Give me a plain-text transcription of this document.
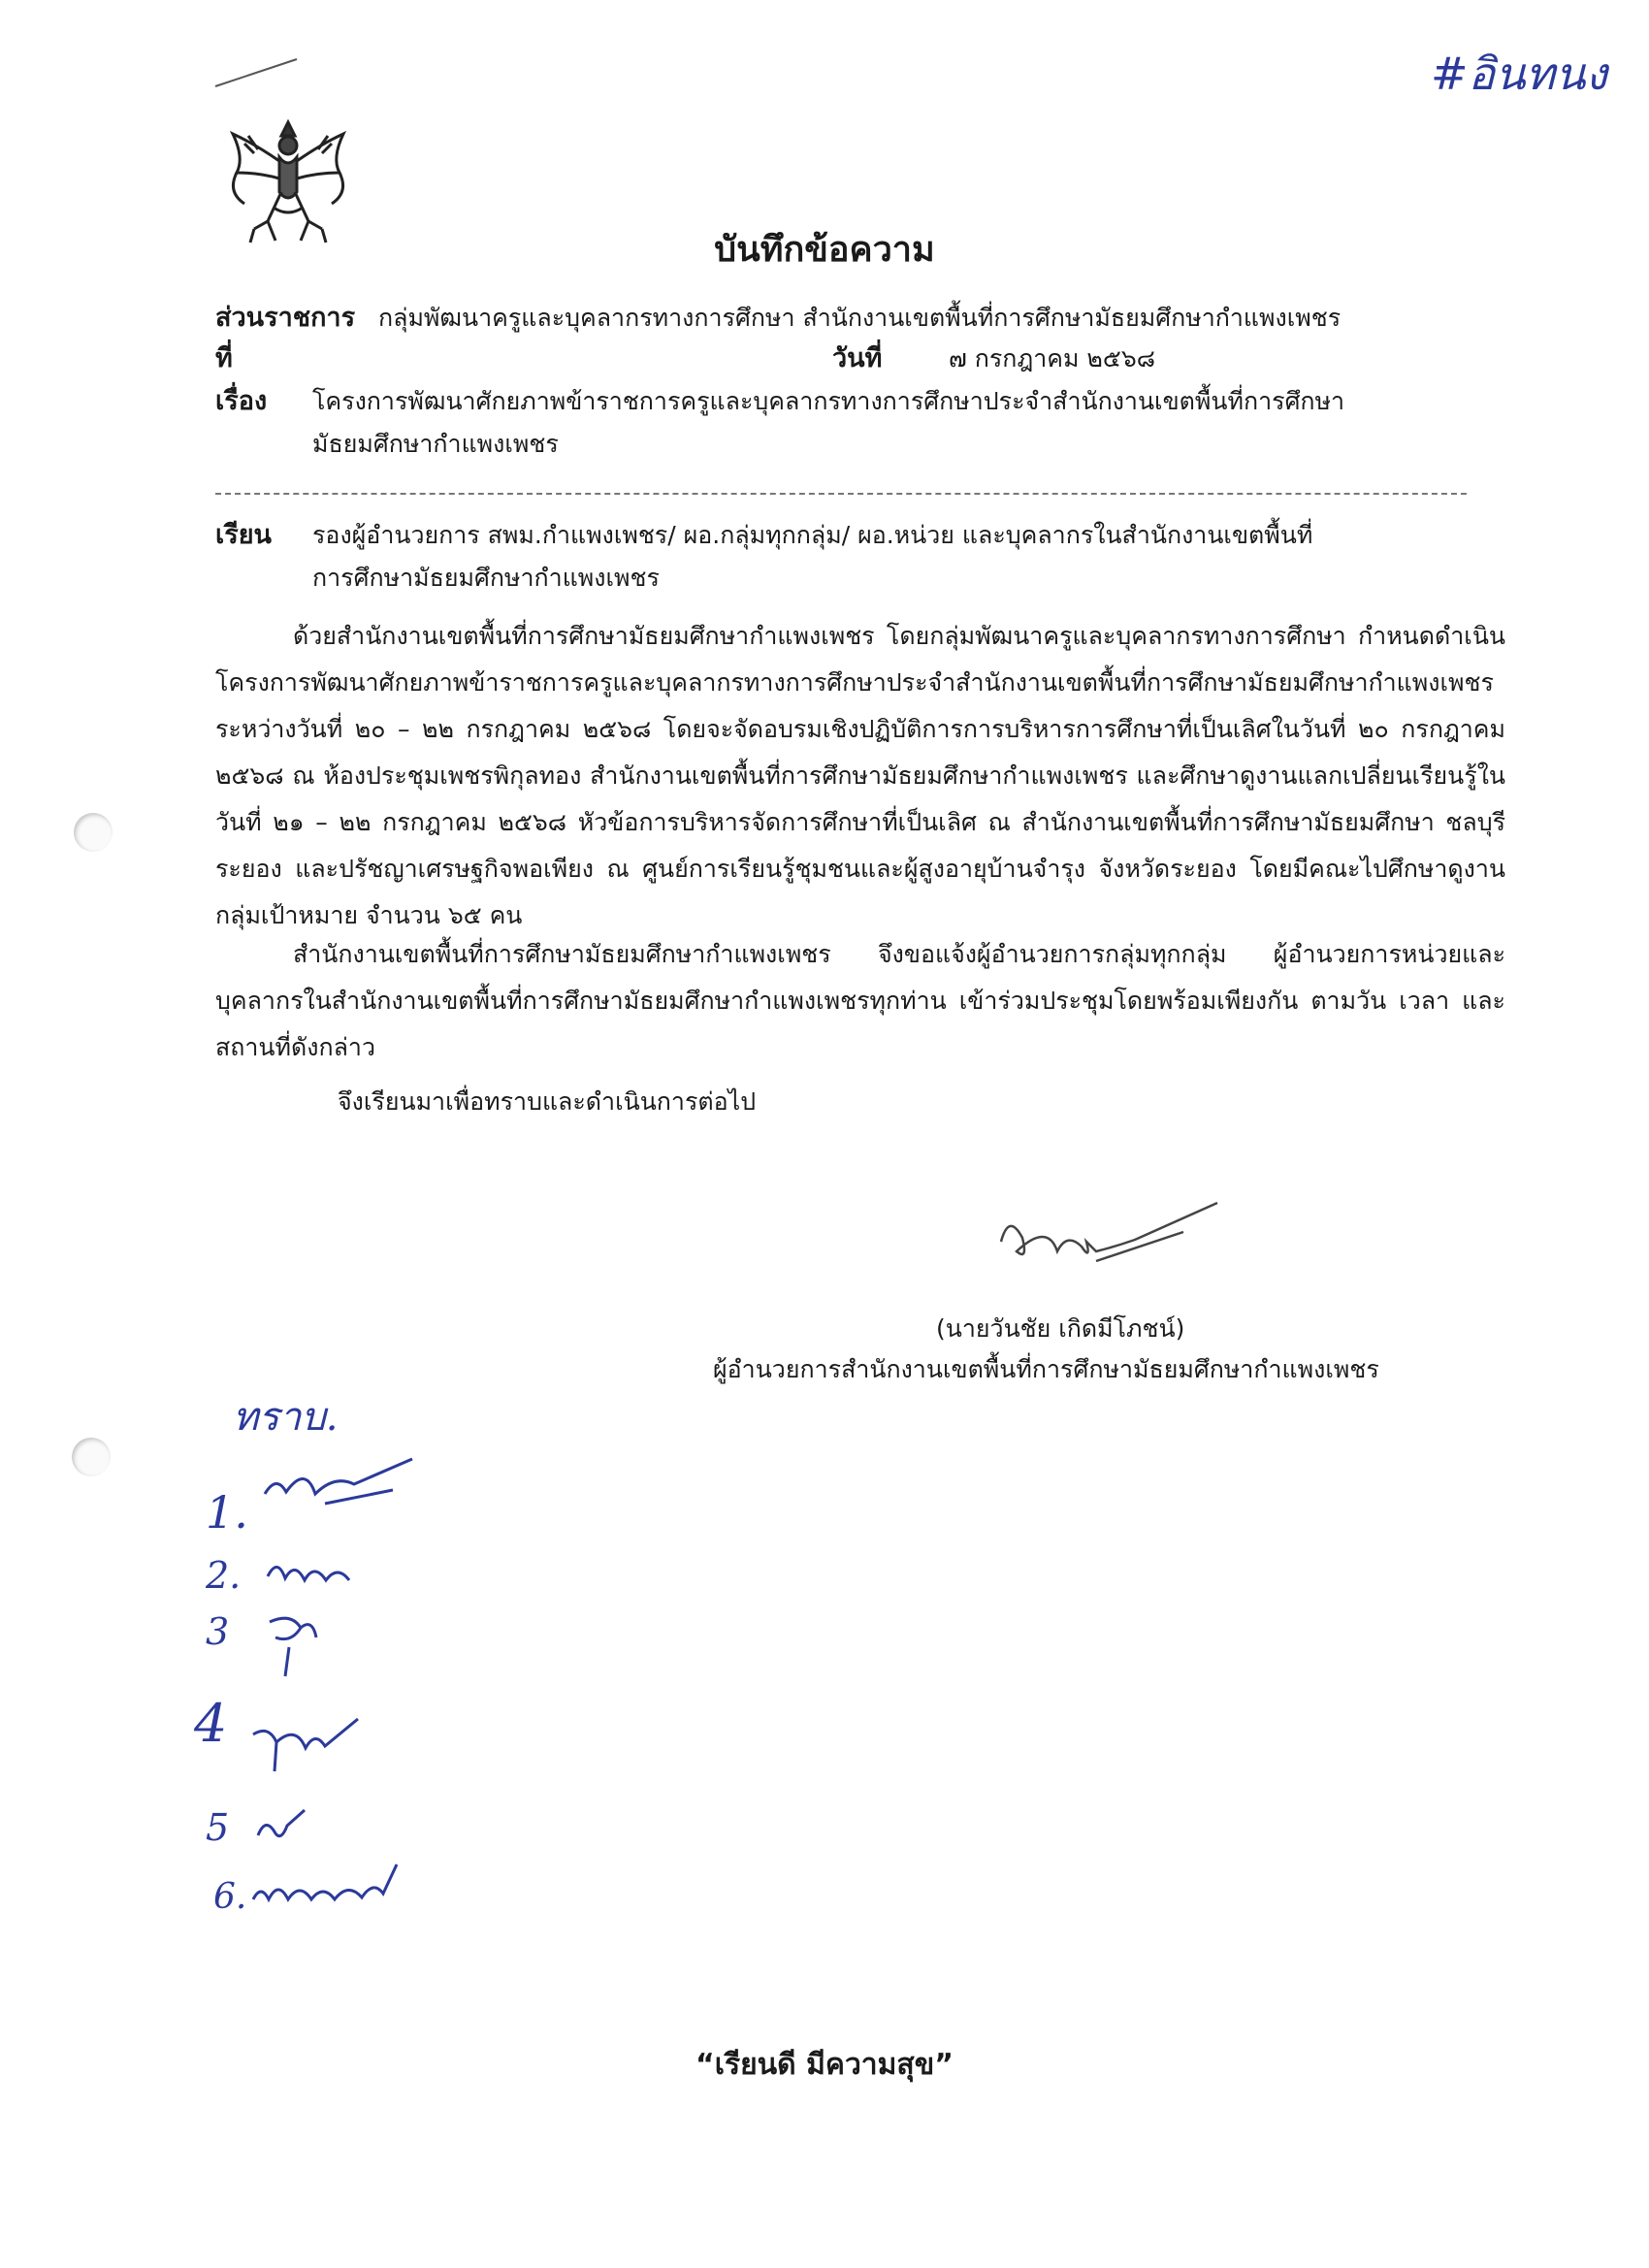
#อินทนง
บันทึกข้อความ
ส่วนราชการ กลุ่มพัฒนาครูและบุคลากรทางการศึกษา สำนักงานเขตพื้นที่การศึกษามัธยมศึกษากำแพงเพชร
ที่	วันที่	๗ กรกฎาคม ๒๕๖๘
เรื่อง โครงการพัฒนาศักยภาพข้าราชการครูและบุคลากรทางการศึกษาประจำสำนักงานเขตพื้นที่การศึกษา
มัธยมศึกษากำแพงเพชร
เรียน รองผู้อำนวยการ สพม.กำแพงเพชร/ ผอ.กลุ่มทุกกลุ่ม/ ผอ.หน่วย และบุคลากรในสำนักงานเขตพื้นที่
การศึกษามัธยมศึกษากำแพงเพชร

ด้วยสำนักงานเขตพื้นที่การศึกษามัธยมศึกษากำแพงเพชร โดยกลุ่มพัฒนาครูและบุคลากรทางการศึกษา กำหนดดำเนินโครงการพัฒนาศักยภาพข้าราชการครูและบุคลากรทางการศึกษาประจำสำนักงานเขตพื้นที่การศึกษามัธยมศึกษากำแพงเพชร ระหว่างวันที่ ๒๐ – ๒๒ กรกฎาคม ๒๕๖๘ โดยจะจัดอบรมเชิงปฏิบัติการการบริหารการศึกษาที่เป็นเลิศในวันที่ ๒๐ กรกฎาคม ๒๕๖๘ ณ ห้องประชุมเพชรพิกุลทอง สำนักงานเขตพื้นที่การศึกษามัธยมศึกษากำแพงเพชร และศึกษาดูงานแลกเปลี่ยนเรียนรู้ในวันที่ ๒๑ – ๒๒ กรกฎาคม ๒๕๖๘ หัวข้อการบริหารจัดการศึกษาที่เป็นเลิศ ณ สำนักงานเขตพื้นที่การศึกษามัธยมศึกษา ชลบุรี ระยอง และปรัชญาเศรษฐกิจพอเพียง ณ ศูนย์การเรียนรู้ชุมชนและผู้สูงอายุบ้านจำรุง จังหวัดระยอง โดยมีคณะไปศึกษาดูงานกลุ่มเป้าหมาย จำนวน ๖๕ คน

สำนักงานเขตพื้นที่การศึกษามัธยมศึกษากำแพงเพชร จึงขอแจ้งผู้อำนวยการกลุ่มทุกกลุ่ม ผู้อำนวยการหน่วยและบุคลากรในสำนักงานเขตพื้นที่การศึกษามัธยมศึกษากำแพงเพชรทุกท่าน เข้าร่วมประชุมโดยพร้อมเพียงกัน ตามวัน เวลา และสถานที่ดังกล่าว

จึงเรียนมาเพื่อทราบและดำเนินการต่อไป
(นายวันชัย เกิดมีโภชน์)
ผู้อำนวยการสำนักงานเขตพื้นที่การศึกษามัธยมศึกษากำแพงเพชร
ทราบ.
1.
2.
3
4
5
6.
“เรียนดี มีความสุข”
